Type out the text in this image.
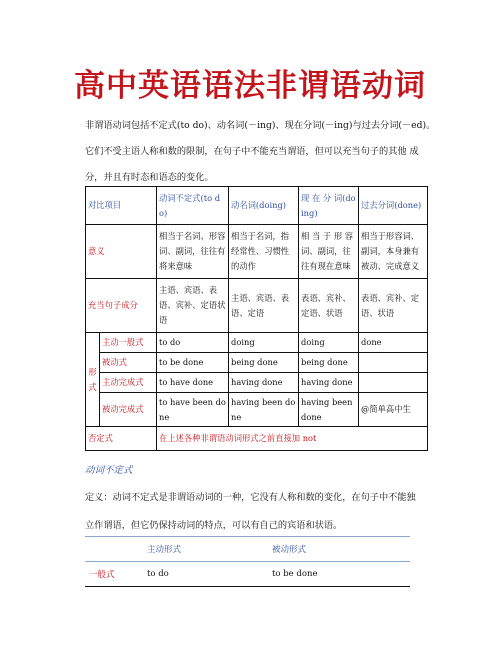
高中英语语法非谓语动词
非谓语动词包括不定式(to do)、动名词(－ing)、现在分词(－ing)与过去分词(－ed)。
它们不受主语人称和数的限制，在句子中不能充当谓语，但可以充当句子的其他 成
分，并且有时态和语态的变化。
对比项目		动词不定式(to do)	动名词(doing)	现 在 分 词(doing)	过去分词(done)
意义		相当于名词、形容词、副词，往往有将来意味	相当于名词，指经常性、习惯性的动作	相 当 于 形 容词、副词，往往有现在意味	相当于形容词、副词，本身兼有被动、完成意义
充当句子成分		主语、宾语、表语、宾补、定语状语	主语、宾语、表语、定语	表语、宾补、定语、状语	表语、宾补、定语、状语
形式	主动一般式	to do	doing	doing	done
	被动式	to be done	being done	being done	
	主动完成式	to have done	having done	having done	
	被动完成式	to have been done	having been done	having been done	@简单高中生
否定式		在上述各种非谓语动词形式之前直接加 not			
动词不定式
定义：动词不定式是非谓语动词的一种，它没有人称和数的变化，在句子中不能独
立作谓语，但它仍保持动词的特点，可以有自己的宾语和状语。
	主动形式	被动形式
一般式	to do	to be done
